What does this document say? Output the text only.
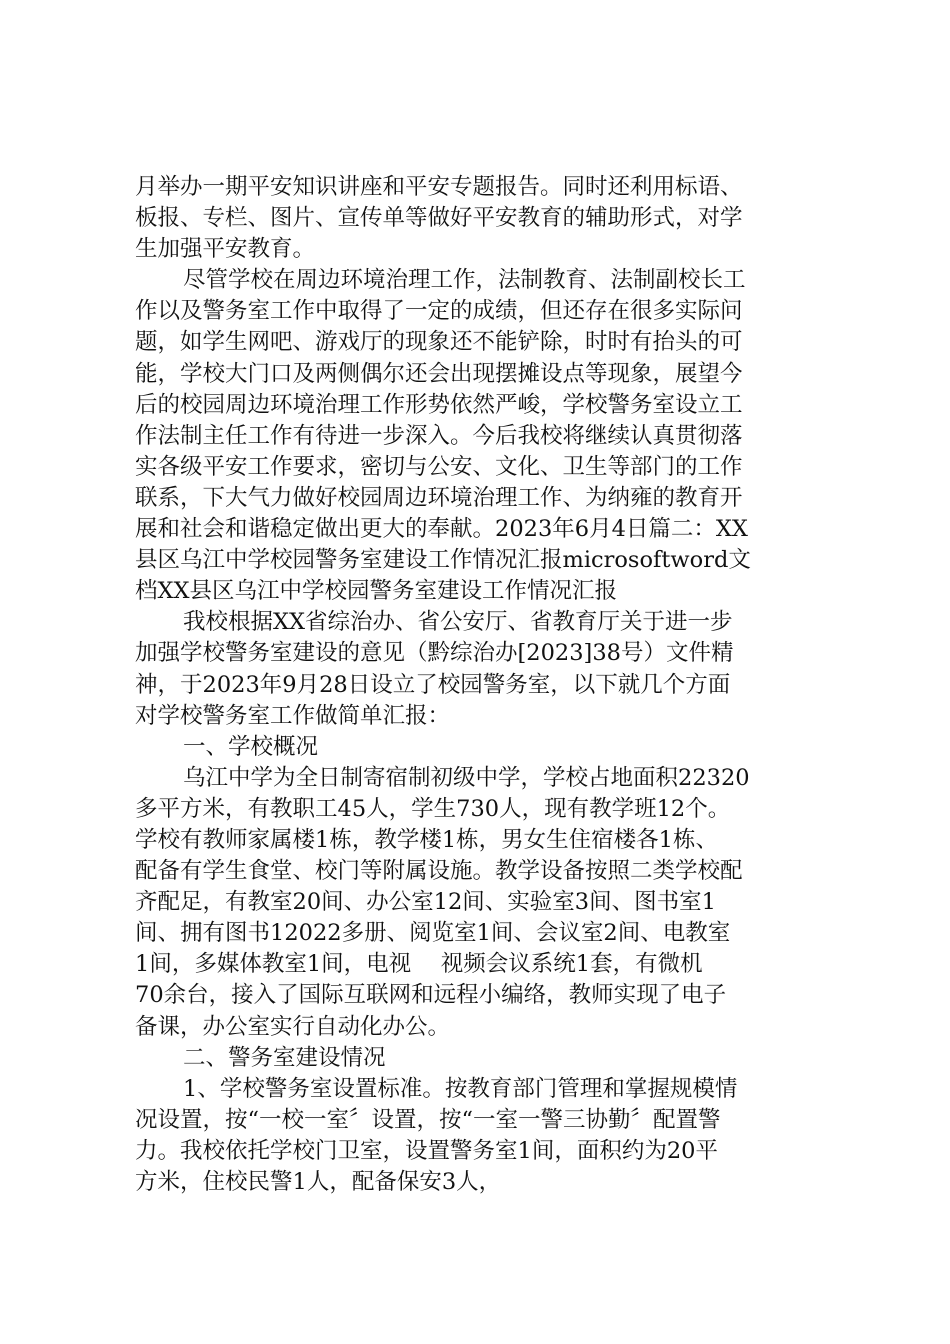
月举办一期平安知识讲座和平安专题报告。同时还利用标语、
板报、专栏、图片、宣传单等做好平安教育的辅助形式，对学
生加强平安教育。
尽管学校在周边环境治理工作，法制教育、法制副校长工
作以及警务室工作中取得了一定的成绩，但还存在很多实际问
题，如学生网吧、游戏厅的现象还不能铲除，时时有抬头的可
能，学校大门口及两侧偶尔还会出现摆摊设点等现象，展望今
后的校园周边环境治理工作形势依然严峻，学校警务室设立工
作法制主任工作有待进一步深入。今后我校将继续认真贯彻落
实各级平安工作要求，密切与公安、文化、卫生等部门的工作
联系，下大气力做好校园周边环境治理工作、为纳雍的教育开
展和社会和谐稳定做出更大的奉献。2023年6月4日篇二：XX
县区乌江中学校园警务室建设工作情况汇报microsoftword文
档XX县区乌江中学校园警务室建设工作情况汇报
我校根据XX省综治办、省公安厅、省教育厅关于进一步
加强学校警务室建设的意见（黔综治办[2023]38号）文件精
神，于2023年9月28日设立了校园警务室，以下就几个方面
对学校警务室工作做简单汇报：
一、学校概况
乌江中学为全日制寄宿制初级中学，学校占地面积22320
多平方米，有教职工45人，学生730人，现有教学班12个。
学校有教师家属楼1栋，教学楼1栋，男女生住宿楼各1栋、
配备有学生食堂、校门等附属设施。教学设备按照二类学校配
齐配足，有教室20间、办公室12间、实验室3间、图书室1
间、拥有图书12022多册、阅览室1间、会议室2间、电教室
1间，多媒体教室1间，电视　 视频会议系统1套，有微机
70余台，接入了国际互联网和远程小编络，教师实现了电子
备课，办公室实行自动化办公。
二、警务室建设情况
1、学校警务室设置标准。按教育部门管理和掌握规模情
况设置，按“一校一室〞设置，按“一室一警三协勤〞配置警
力。我校依托学校门卫室，设置警务室1间，面积约为20平
方米，住校民警1人，配备保安3人，
